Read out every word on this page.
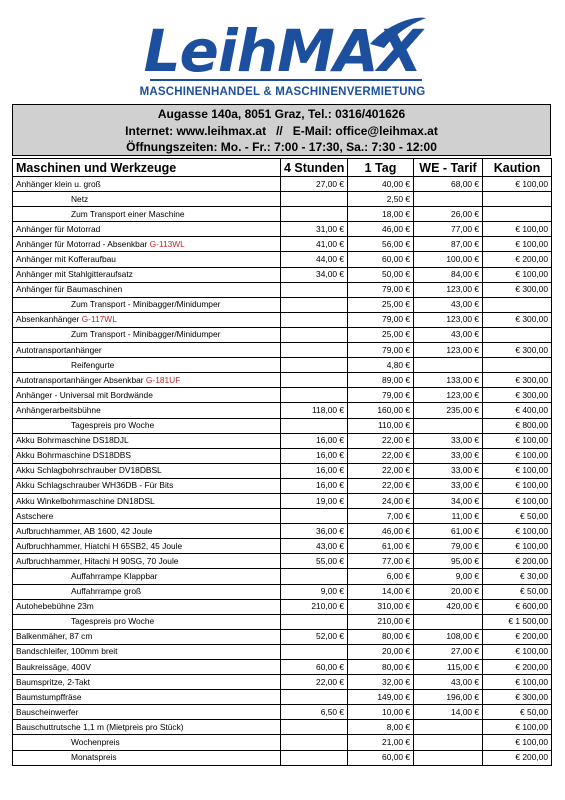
LeihMAX
MASCHINENHANDEL & MASCHINENVERMIETUNG
Augasse 140a, 8051 Graz, Tel.: 0316/401626
Internet: www.leihmax.at   //   E-Mail: office@leihmax.at
Öffnungszeiten: Mo. - Fr.: 7:00 - 17:30, Sa.: 7:30 - 12:00
Maschinen und Werkzeuge	4 Stunden	1 Tag	WE - Tarif	Kaution
Anhänger klein u. groß	27,00 €	40,00 €	68,00 €	€ 100,00
Netz		2,50 €		
Zum Transport einer Maschine		18,00 €	26,00 €	
Anhänger für Motorrad	31,00 €	46,00 €	77,00 €	€ 100,00
Anhänger für Motorrad - Absenkbar G-113WL	41,00 €	56,00 €	87,00 €	€ 100,00
Anhänger mit Kofferaufbau	44,00 €	60,00 €	100,00 €	€ 200,00
Anhänger mit Stahlgitteraufsatz	34,00 €	50,00 €	84,00 €	€ 100,00
Anhänger für Baumaschinen		79,00 €	123,00 €	€ 300,00
Zum Transport - Minibagger/Minidumper		25,00 €	43,00 €	
Absenkanhänger G-117WL		79,00 €	123,00 €	€ 300,00
Zum Transport - Minibagger/Minidumper		25,00 €	43,00 €	
Autotransportanhänger		79,00 €	123,00 €	€ 300,00
Reifengurte		4,80 €		
Autotransportanhänger Absenkbar G-181UF		89,00 €	133,00 €	€ 300,00
Anhänger - Universal mit Bordwände		79,00 €	123,00 €	€ 300,00
Anhängerarbeitsbühne	118,00 €	160,00 €	235,00 €	€ 400,00
Tagespreis pro Woche		110,00 €		€ 800,00
Akku Bohrmaschine DS18DJL	16,00 €	22,00 €	33,00 €	€ 100,00
Akku Bohrmaschine DS18DBS	16,00 €	22,00 €	33,00 €	€ 100,00
Akku Schlagbohrschrauber DV18DBSL	16,00 €	22,00 €	33,00 €	€ 100,00
Akku Schlagschrauber WH36DB - Für Bits	16,00 €	22,00 €	33,00 €	€ 100,00
Akku Winkelbohrmaschine DN18DSL	19,00 €	24,00 €	34,00 €	€ 100,00
Astschere		7,00 €	11,00 €	€ 50,00
Aufbruchhammer, AB 1600, 42 Joule	36,00 €	46,00 €	61,00 €	€ 100,00
Aufbruchhammer, Hiatchi H 65SB2, 45 Joule	43,00 €	61,00 €	79,00 €	€ 100,00
Aufbruchhammer, Hitachi H 90SG, 70 Joule	55,00 €	77,00 €	95,00 €	€ 200,00
Auffahrrampe Klappbar		6,00 €	9,00 €	€ 30,00
Auffahrrampe groß	9,00 €	14,00 €	20,00 €	€ 50,00
Autohebebühne 23m	210,00 €	310,00 €	420,00 €	€ 600,00
Tagespreis pro Woche		210,00 €		€ 1 500,00
Balkenmäher, 87 cm	52,00 €	80,00 €	108,00 €	€ 200,00
Bandschleifer, 100mm breit		20,00 €	27,00 €	€ 100,00
Baukreissäge, 400V	60,00 €	80,00 €	115,00 €	€ 200,00
Baumspritze, 2-Takt	22,00 €	32,00 €	43,00 €	€ 100,00
Baumstumpffräse		149,00 €	196,00 €	€ 300,00
Bauscheinwerfer	6,50 €	10,00 €	14,00 €	€ 50,00
Bauschuttrutsche 1,1 m (Mietpreis pro Stück)		8,00 €		€ 100,00
Wochenpreis		21,00 €		€ 100,00
Monatspreis		60,00 €		€ 200,00
